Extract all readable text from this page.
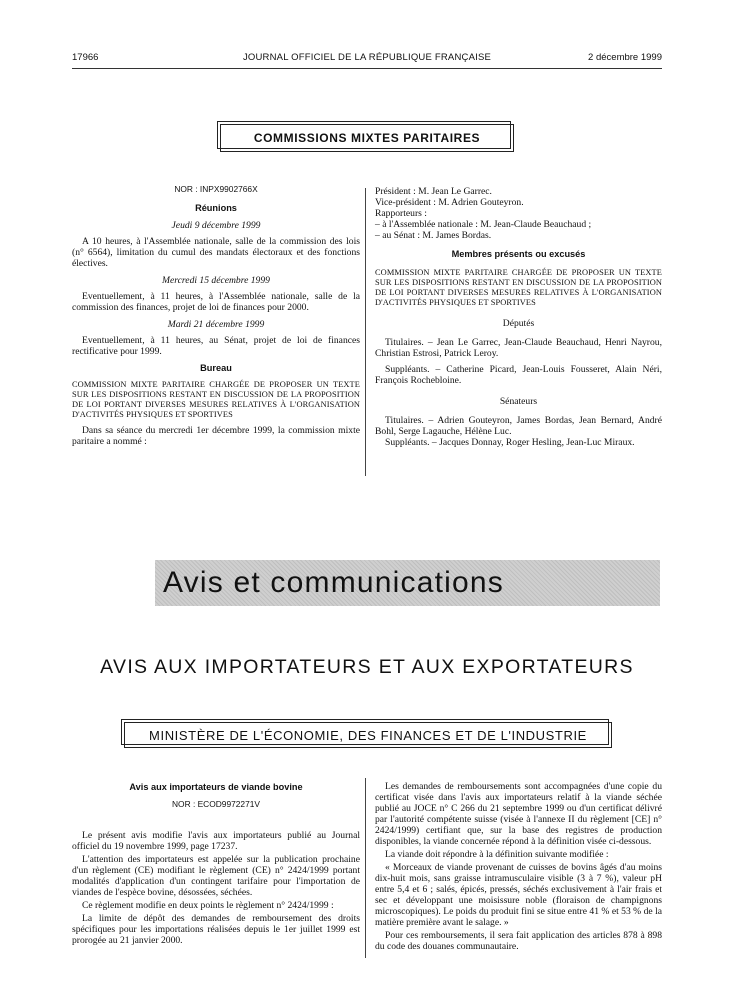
17966	JOURNAL OFFICIEL DE LA RÉPUBLIQUE FRANÇAISE	2 décembre 1999
COMMISSIONS MIXTES PARITAIRES
NOR : INPX9902766X
Réunions
Jeudi 9 décembre 1999

A 10 heures, à l'Assemblée nationale, salle de la commission des lois (n° 6564), limitation du cumul des mandats électoraux et des fonctions électives.

Mercredi 15 décembre 1999

Eventuellement, à 11 heures, à l'Assemblée nationale, salle de la commission des finances, projet de loi de finances pour 2000.

Mardi 21 décembre 1999

Eventuellement, à 11 heures, au Sénat, projet de loi de finances rectificative pour 1999.

Bureau

COMMISSION MIXTE PARITAIRE CHARGÉE DE PROPOSER UN TEXTE SUR LES DISPOSITIONS RESTANT EN DISCUSSION DE LA PROPOSITION DE LOI PORTANT DIVERSES MESURES RELATIVES À L'ORGANISATION D'ACTIVITÉS PHYSIQUES ET SPORTIVES

Dans sa séance du mercredi 1er décembre 1999, la commission mixte paritaire a nommé :

Président : M. Jean Le Garrec.

Vice-président : M. Adrien Gouteyron.

Rapporteurs :

– à l'Assemblée nationale : M. Jean-Claude Beauchaud ;

– au Sénat : M. James Bordas.

Membres présents ou excusés

COMMISSION MIXTE PARITAIRE CHARGÉE DE PROPOSER UN TEXTE SUR LES DISPOSITIONS RESTANT EN DISCUSSION DE LA PROPOSITION DE LOI PORTANT DIVERSES MESURES RELATIVES À L'ORGANISATION D'ACTIVITÉS PHYSIQUES ET SPORTIVES

Députés

Titulaires. – Jean Le Garrec, Jean-Claude Beauchaud, Henri Nayrou, Christian Estrosi, Patrick Leroy.

Suppléants. – Catherine Picard, Jean-Louis Fousseret, Alain Néri, François Rochebloine.

Sénateurs

Titulaires. – Adrien Gouteyron, James Bordas, Jean Bernard, André Bohl, Serge Lagauche, Hélène Luc.

Suppléants. – Jacques Donnay, Roger Hesling, Jean-Luc Miraux.

Avis et communications
AVIS AUX IMPORTATEURS ET AUX EXPORTATEURS
MINISTÈRE DE L'ÉCONOMIE, DES FINANCES ET DE L'INDUSTRIE
Avis aux importateurs de viande bovine
NOR : ECOD9972271V

Le présent avis modifie l'avis aux importateurs publié au Journal officiel du 19 novembre 1999, page 17237.

L'attention des importateurs est appelée sur la publication prochaine d'un règlement (CE) modifiant le règlement (CE) n° 2424/1999 portant modalités d'application d'un contingent tarifaire pour l'importation de viandes de l'espèce bovine, désossées, séchées.

Ce règlement modifie en deux points le règlement n° 2424/1999 :

La limite de dépôt des demandes de remboursement des droits spécifiques pour les importations réalisées depuis le 1er juillet 1999 est prorogée au 21 janvier 2000.

Les demandes de remboursements sont accompagnées d'une copie du certificat visée dans l'avis aux importateurs relatif à la viande séchée publié au JOCE n° C 266 du 21 septembre 1999 ou d'un certificat délivré par l'autorité compétente suisse (visée à l'annexe II du règlement [CE] n° 2424/1999) certifiant que, sur la base des registres de production disponibles, la viande concernée répond à la définition visée ci-dessous.

La viande doit répondre à la définition suivante modifiée :

« Morceaux de viande provenant de cuisses de bovins âgés d'au moins dix-huit mois, sans graisse intramusculaire visible (3 à 7 %), valeur pH entre 5,4 et 6 ; salés, épicés, pressés, séchés exclusivement à l'air frais et sec et développant une moisissure noble (floraison de champignons microscopiques). Le poids du produit fini se situe entre 41 % et 53 % de la matière première avant le salage. »

Pour ces remboursements, il sera fait application des articles 878 à 898 du code des douanes communautaire.
